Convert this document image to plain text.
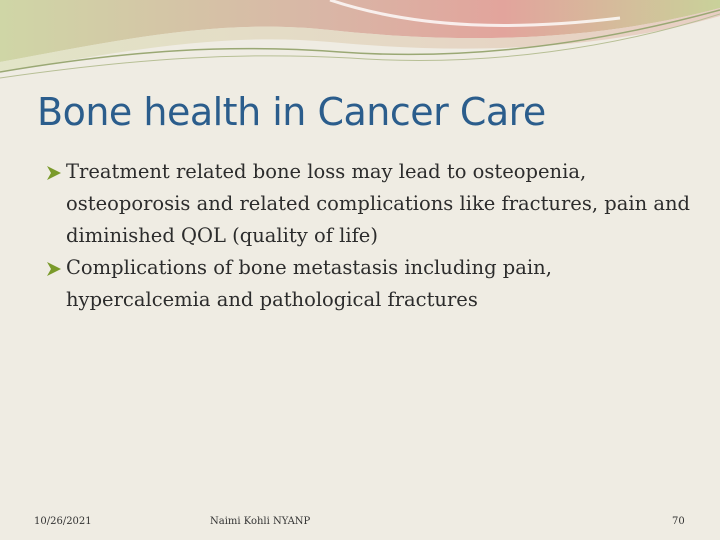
Bone health in Cancer Care
Treatment related bone loss may lead to osteopenia, osteoporosis and related complications like fractures, pain and diminished QOL (quality of life)
Complications of bone metastasis including pain, hypercalcemia and pathological fractures
10/26/2021	Naimi Kohli NYANP	70
